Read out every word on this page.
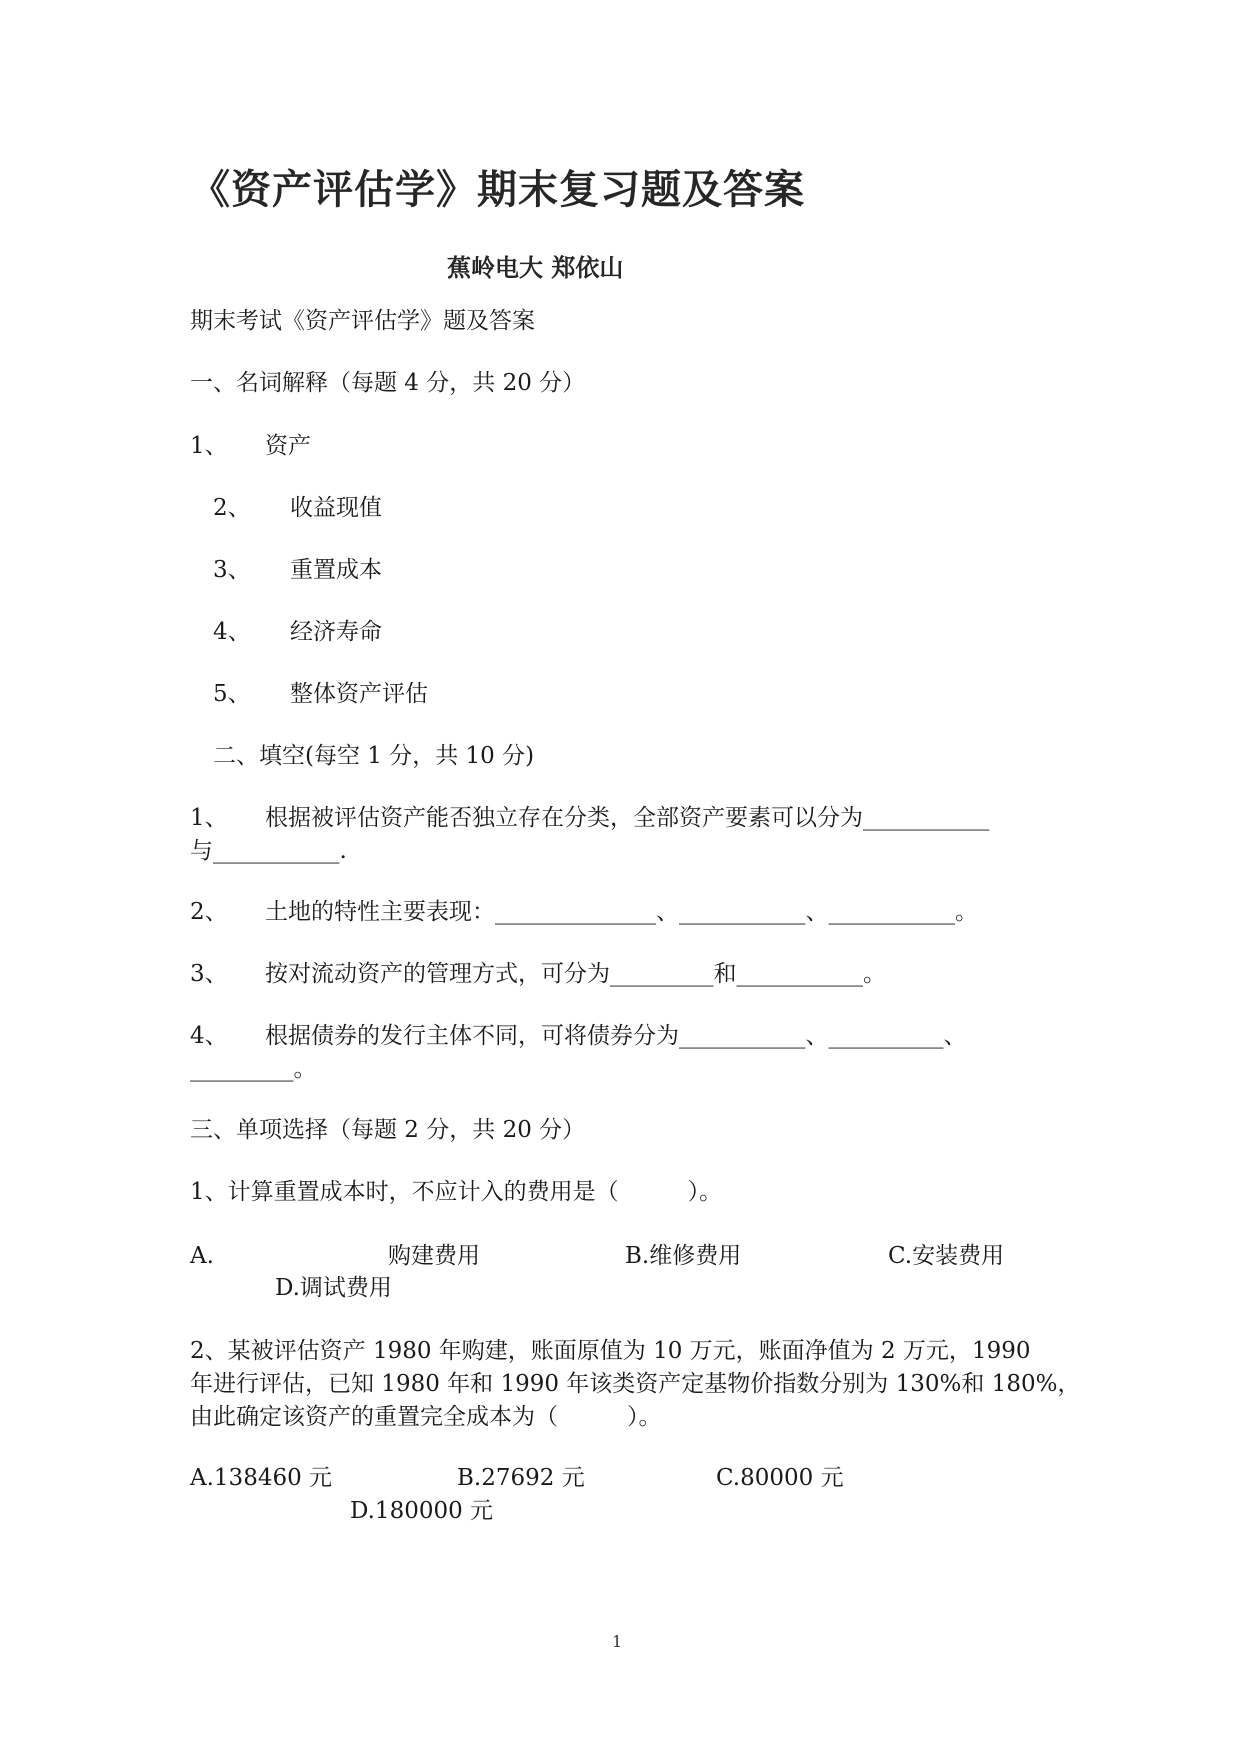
《资产评估学》期末复习题及答案
蕉岭电大 郑依山
期末考试《资产评估学》题及答案
一、名词解释（每题 4 分，共 20 分）
1、 资产
2、 收益现值
3、 重置成本
4、 经济寿命
5、 整体资产评估
二、填空(每空 1 分，共 10 分)
1、 根据被评估资产能否独立存在分类，全部资产要素可以分为___________
与___________.
2、 土地的特性主要表现：______________、___________、___________。
3、 按对流动资产的管理方式，可分为_________和___________。
4、 根据债券的发行主体不同，可将债券分为___________、__________、
_________。
三、单项选择（每题 2 分，共 20 分）
1、计算重置成本时，不应计入的费用是（　　　）。
A.	购建费用	B.维修费用	C.安装费用
D.调试费用
2、某被评估资产 1980 年购建，账面原值为 10 万元，账面净值为 2 万元，1990
年进行评估，已知 1980 年和 1990 年该类资产定基物价指数分别为 130%和 180%，
由此确定该资产的重置完全成本为（　　　）。
A.138460 元	B.27692 元	C.80000 元
D.180000 元
1
